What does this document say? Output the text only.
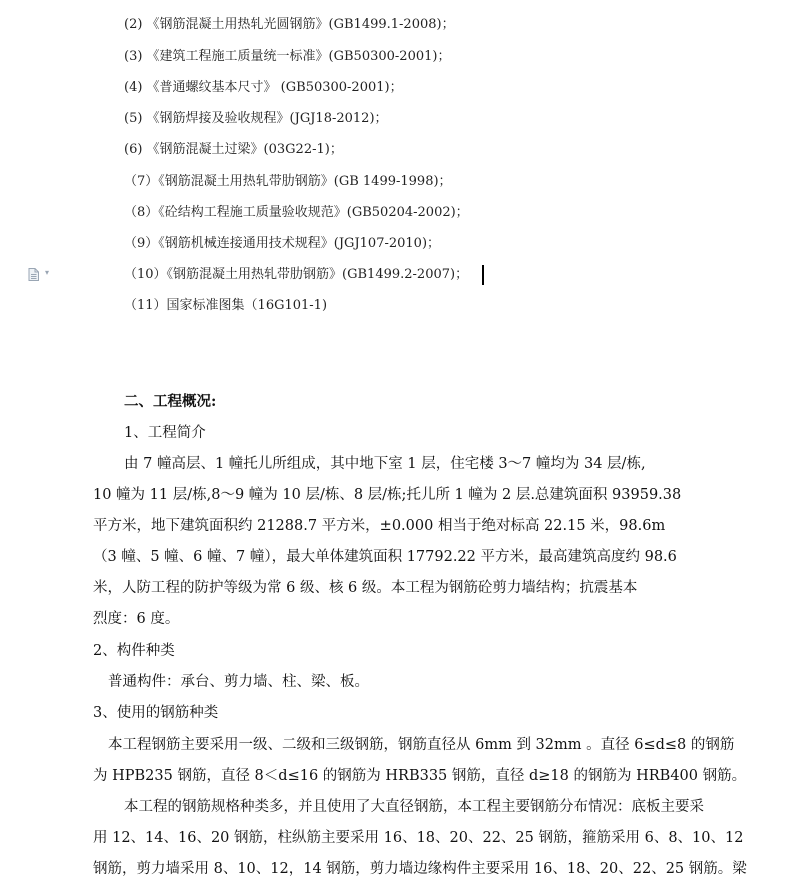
(2) 《钢筋混凝土用热轧光圆钢筋》(GB1499.1-2008)；
(3) 《建筑工程施工质量统一标准》(GB50300-2001)；
(4) 《普通螺纹基本尺寸》 (GB50300-2001)；
(5) 《钢筋焊接及验收规程》(JGJ18-2012)；
(6) 《钢筋混凝土过梁》(03G22-1)；
（7）《钢筋混凝土用热轧带肋钢筋》(GB 1499-1998)；
（8）《砼结构工程施工质量验收规范》(GB50204-2002)；
（9）《钢筋机械连接通用技术规程》(JGJ107-2010)；
（10）《钢筋混凝土用热轧带肋钢筋》(GB1499.2-2007)；
（11）国家标准图集（16G101-1)
▾
二、工程概况:
1、工程简介
由 7 幢高层、1 幢托儿所组成，其中地下室 1 层，住宅楼 3～7 幢均为 34 层/栋,
10 幢为 11 层/栋,8～9 幢为 10 层/栋、8 层/栋;托儿所 1 幢为 2 层.总建筑面积 93959.38
平方米，地下建筑面积约 21288.7 平方米，±0.000 相当于绝对标高 22.15 米，98.6m
（3 幢、5 幢、6 幢、7 幢），最大单体建筑面积 17792.22 平方米，最高建筑高度约 98.6
米，人防工程的防护等级为常 6 级、核 6 级。本工程为钢筋砼剪力墙结构；抗震基本
烈度：6 度。
2、构件种类
普通构件：承台、剪力墙、柱、梁、板。
3、使用的钢筋种类
本工程钢筋主要采用一级、二级和三级钢筋，钢筋直径从 6mm 到 32mm 。直径 6≤d≤8 的钢筋
为 HPB235 钢筋，直径 8＜d≤16 的钢筋为 HRB335 钢筋，直径 d≥18 的钢筋为 HRB400 钢筋。
本工程的钢筋规格种类多，并且使用了大直径钢筋，本工程主要钢筋分布情况：底板主要采
用 12、14、16、20 钢筋，柱纵筋主要采用 16、18、20、22、25 钢筋，箍筋采用 6、8、10、12
钢筋，剪力墙采用 8、10、12，14 钢筋，剪力墙边缘构件主要采用 16、18、20、22、25 钢筋。梁
